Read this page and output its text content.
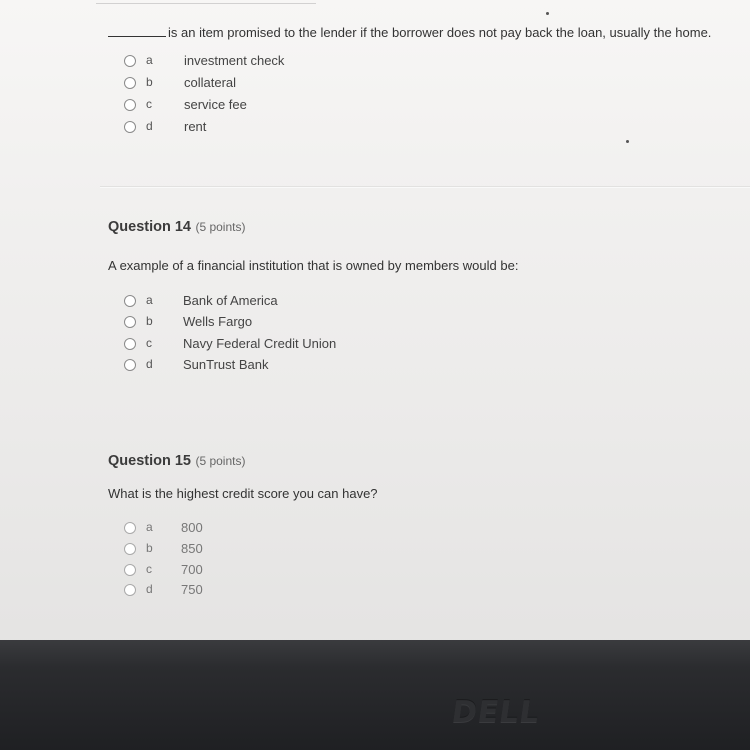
is an item promised to the lender if the borrower does not pay back the loan, usually the home.
a investment check
b collateral
c service fee
d rent
Question 14 (5 points)
A example of a financial institution that is owned by members would be:
a Bank of America
b Wells Fargo
c Navy Federal Credit Union
d SunTrust Bank
Question 15 (5 points)
What is the highest credit score you can have?
a 800
b 850
c 700
d 750
DELL
